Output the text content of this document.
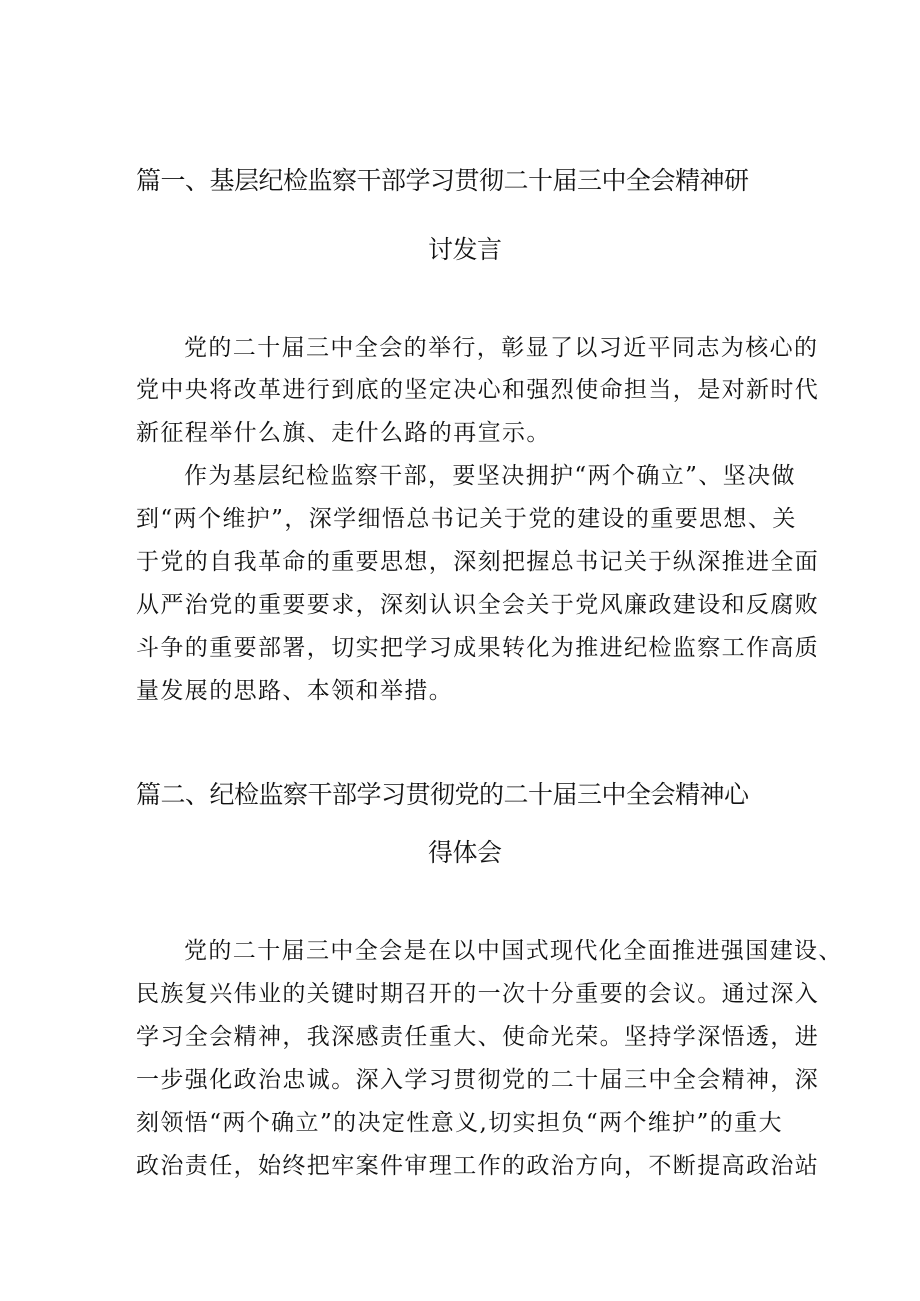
篇一、基层纪检监察干部学习贯彻二十届三中全会精神研
讨发言
党的二十届三中全会的举行，彰显了以习近平同志为核心的
党中央将改革进行到底的坚定决心和强烈使命担当，是对新时代
新征程举什么旗、走什么路的再宣示。
作为基层纪检监察干部，要坚决拥护“两个确立”、坚决做
到“两个维护”，深学细悟总书记关于党的建设的重要思想、关
于党的自我革命的重要思想，深刻把握总书记关于纵深推进全面
从严治党的重要要求，深刻认识全会关于党风廉政建设和反腐败
斗争的重要部署，切实把学习成果转化为推进纪检监察工作高质
量发展的思路、本领和举措。
篇二、纪检监察干部学习贯彻党的二十届三中全会精神心
得体会
党的二十届三中全会是在以中国式现代化全面推进强国建设、
民族复兴伟业的关键时期召开的一次十分重要的会议。通过深入
学习全会精神，我深感责任重大、使命光荣。坚持学深悟透，进
一步强化政治忠诚。深入学习贯彻党的二十届三中全会精神，深
刻领悟“两个确立”的决定性意义,切实担负“两个维护”的重大
政治责任，始终把牢案件审理工作的政治方向，不断提高政治站
